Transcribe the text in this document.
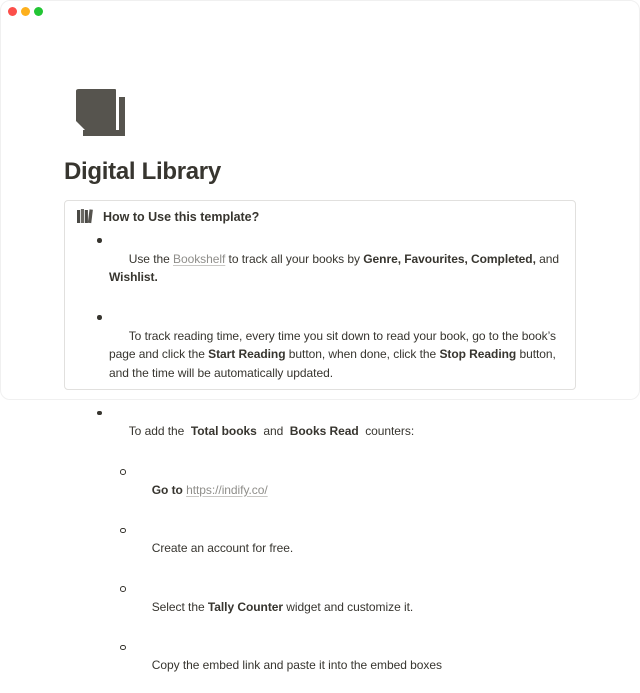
Digital Library
How to Use this template?

Use the Bookshelf to track all your books by Genre, Favourites, Completed, and Wishlist.

To track reading time, every time you sit down to read your book, go to the book’s page and click the Start Reading button, when done, click the Stop Reading button, and the time will be automatically updated.

To add the  Total books  and  Books Read  counters:

Go to https://indify.co/

Create an account for free.

Select the Tally Counter widget and customize it.

Copy the embed link and paste it into the embed boxes
